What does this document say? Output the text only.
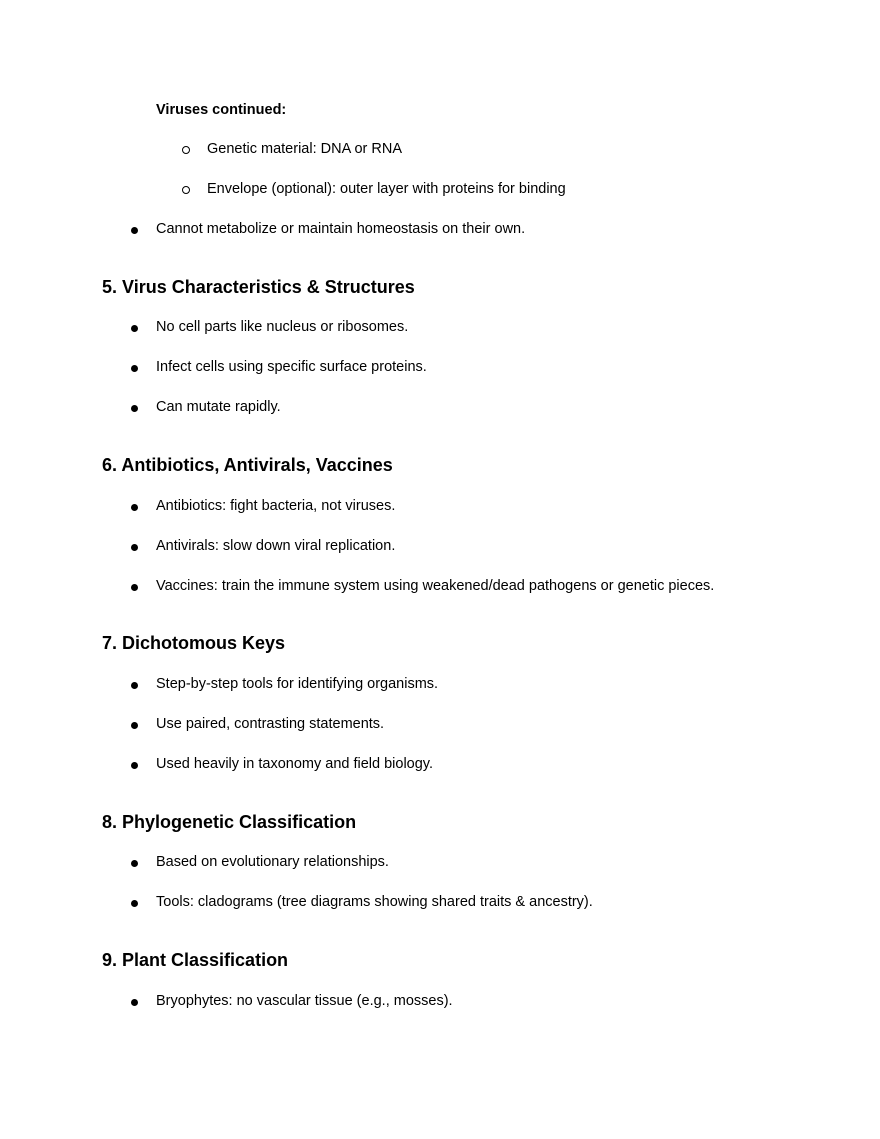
Viruses continued:
Genetic material: DNA or RNA
Envelope (optional): outer layer with proteins for binding
Cannot metabolize or maintain homeostasis on their own.
5. Virus Characteristics & Structures
No cell parts like nucleus or ribosomes.
Infect cells using specific surface proteins.
Can mutate rapidly.
6. Antibiotics, Antivirals, Vaccines
Antibiotics: fight bacteria, not viruses.
Antivirals: slow down viral replication.
Vaccines: train the immune system using weakened/dead pathogens or genetic pieces.
7. Dichotomous Keys
Step-by-step tools for identifying organisms.
Use paired, contrasting statements.
Used heavily in taxonomy and field biology.
8. Phylogenetic Classification
Based on evolutionary relationships.
Tools: cladograms (tree diagrams showing shared traits & ancestry).
9. Plant Classification
Bryophytes: no vascular tissue (e.g., mosses).
